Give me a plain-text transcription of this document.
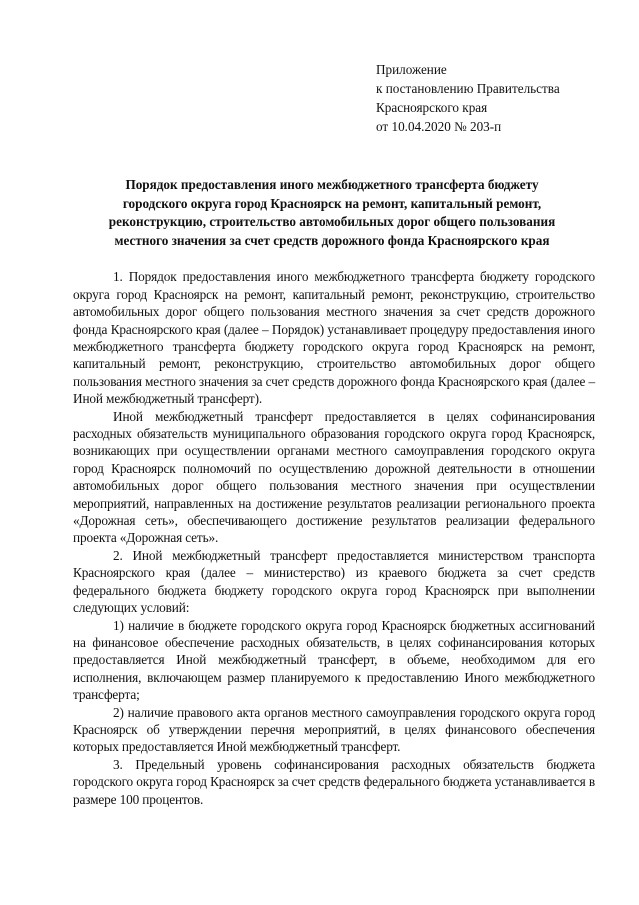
Приложение
к постановлению Правительства
Красноярского края
от 10.04.2020 № 203-п
Порядок предоставления иного межбюджетного трансферта бюджету
городского округа город Красноярск на ремонт, капитальный ремонт,
реконструкцию, строительство автомобильных дорог общего пользования
местного значения за счет средств дорожного фонда Красноярского края

1. Порядок предоставления иного межбюджетного трансферта бюджету городского округа город Красноярск на ремонт, капитальный ремонт, реконструкцию, строительство автомобильных дорог общего пользования местного значения за счет средств дорожного фонда Красноярского края (далее – Порядок) устанавливает процедуру предоставления иного межбюджетного трансферта бюджету городского округа город Красноярск на ремонт, капитальный ремонт, реконструкцию, строительство автомобильных дорог общего пользования местного значения за счет средств дорожного фонда Красноярского края (далее – Иной межбюджетный трансферт).

Иной межбюджетный трансферт предоставляется в целях софинансирования расходных обязательств муниципального образования городского округа город Красноярск, возникающих при осуществлении органами местного самоуправления городского округа город Красноярск полномочий по осуществлению дорожной деятельности в отношении автомобильных дорог общего пользования местного значения при осуществлении мероприятий, направленных на достижение результатов реализации регионального проекта «Дорожная сеть», обеспечивающего достижение результатов реализации федерального проекта «Дорожная сеть».

2. Иной межбюджетный трансферт предоставляется министерством транспорта Красноярского края (далее – министерство) из краевого бюджета за счет средств федерального бюджета бюджету городского округа город Красноярск при выполнении следующих условий:

1) наличие в бюджете городского округа город Красноярск бюджетных ассигнований на финансовое обеспечение расходных обязательств, в целях софинансирования которых предоставляется Иной межбюджетный трансферт, в объеме, необходимом для его исполнения, включающем размер планируемого к предоставлению Иного межбюджетного трансферта;

2) наличие правового акта органов местного самоуправления городского округа город Красноярск об утверждении перечня мероприятий, в целях финансового обеспечения которых предоставляется Иной межбюджетный трансферт.

3. Предельный уровень софинансирования расходных обязательств бюджета городского округа город Красноярск за счет средств федерального бюджета устанавливается в размере 100 процентов.
